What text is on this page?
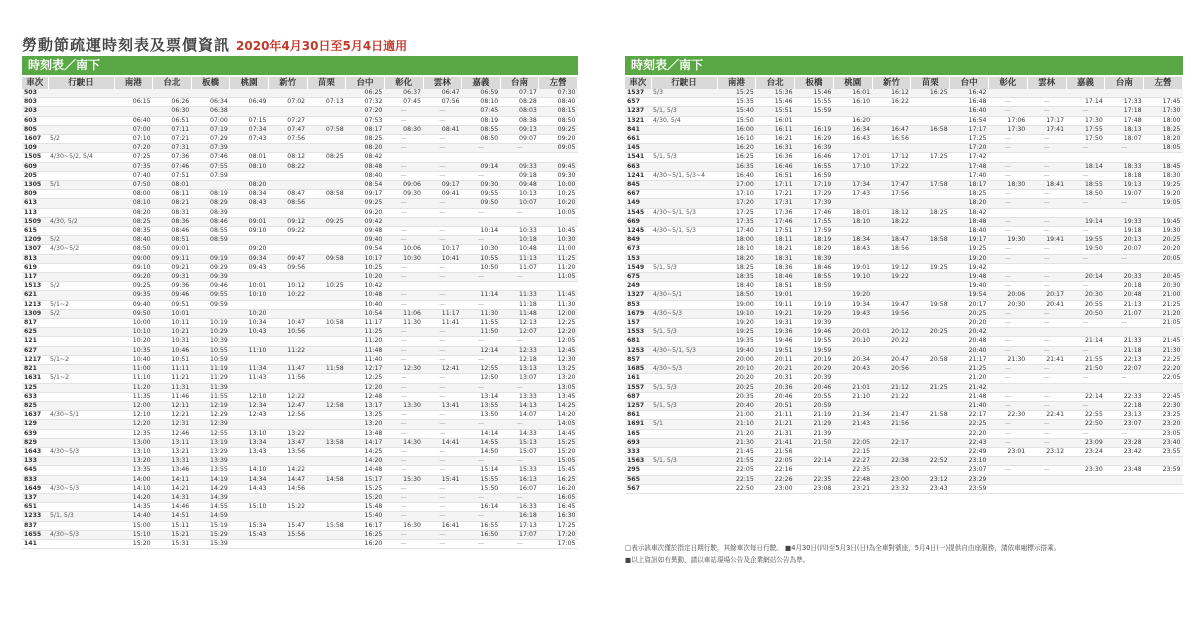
勞動節疏運時刻表及票價資訊 2020年4月30日至5月4日適用
時刻表／南下
車次	行駛日	南港	台北	板橋	桃園	新竹	苗栗	台中	彰化	雲林	嘉義	台南	左營
503								06:25	06:37	06:47	06:59	07:17	07:30
803		06:15	06:26	06:34	06:49	07:02	07:13	07:32	07:45	07:56	08:10	08:28	08:40
203			06:30	06:38				07:20	—	—	07:45	08:03	08:15
603		06:40	06:51	07:00	07:15	07:27		07:53	—	—	08:19	08:38	08:50
805		07:00	07:11	07:19	07:34	07:47	07:58	08:17	08:30	08:41	08:55	09:13	09:25
1607	5/2	07:10	07:21	07:29	07:43	07:56		08:25	—	—	08:50	09:07	09:20
109		07:20	07:31	07:39				08:20	—	—	—	—	09:05
1505	4/30~5/2, 5/4	07:25	07:36	07:46	08:01	08:12	08:25	08:42					
609		07:35	07:46	07:55	08:10	08:22		08:48	—	—	09:14	09:33	09:45
205		07:40	07:51	07:59				08:40	—	—	—	09:18	09:30
1305	5/1	07:50	08:01		08:20			08:54	09:06	09:17	09:30	09:48	10:00
809		08:00	08:11	08:19	08:34	08:47	08:58	09:17	09:30	09:41	09:55	10:13	10:25
613		08:10	08:21	08:29	08:43	08:56		09:25	—	—	09:50	10:07	10:20
113		08:20	08:31	08:39				09:20	—	—	—	—	10:05
1509	4/30, 5/2	08:25	08:36	08:46	09:01	09:12	09:25	09:42					
615		08:35	08:46	08:55	09:10	09:22		09:48	—	—	10:14	10:33	10:45
1209	5/2	08:40	08:51	08:59				09:40	—	—	—	10:18	10:30
1307	4/30~5/2	08:50	09:01		09:20			09:54	10:06	10:17	10:30	10:48	11:00
813		09:00	09:11	09:19	09:34	09:47	09:58	10:17	10:30	10:41	10:55	11:13	11:25
619		09:10	09:21	09:29	09:43	09:56		10:25	—	—	10:50	11:07	11:20
117		09:20	09:31	09:39				10:20	—	—	—	—	11:05
1513	5/2	09:25	09:36	09:46	10:01	10:12	10:25	10:42					
621		09:35	09:46	09:55	10:10	10:22		10:48	—	—	11:14	11:33	11:45
1213	5/1~2	09:40	09:51	09:59				10:40	—	—	—	11:18	11:30
1309	5/2	09:50	10:01		10:20			10:54	11:06	11:17	11:30	11:48	12:00
817		10:00	10:11	10:19	10:34	10:47	10:58	11:17	11:30	11:41	11:55	12:13	12:25
625		10:10	10:21	10:29	10:43	10:56		11:25	—	—	11:50	12:07	12:20
121		10:20	10:31	10:39				11:20	—	—	—	—	12:05
627		10:35	10:46	10:55	11:10	11:22		11:48	—	—	12:14	12:33	12:45
1217	5/1~2	10:40	10:51	10:59				11:40	—	—	—	12:18	12:30
821		11:00	11:11	11:19	11:34	11:47	11:58	12:17	12:30	12:41	12:55	13:13	13:25
1631	5/1~2	11:10	11:21	11:29	11:43	11:56		12:25	—	—	12:50	13:07	13:20
125		11:20	11:31	11:39				12:20	—	—	—	—	13:05
633		11:35	11:46	11:55	12:10	12:22		12:48	—	—	13:14	13:33	13:45
825		12:00	12:11	12:19	12:34	12:47	12:58	13:17	13:30	13:41	13:55	14:13	14:25
1637	4/30~5/1	12:10	12:21	12:29	12:43	12:56		13:25	—	—	13:50	14:07	14:20
129		12:20	12:31	12:39				13:20	—	—	—	—	14:05
639		12:35	12:46	12:55	13:10	13:22		13:48	—	—	14:14	14:33	14:45
829		13:00	13:11	13:19	13:34	13:47	13:58	14:17	14:30	14:41	14:55	15:13	15:25
1643	4/30~5/3	13:10	13:21	13:29	13:43	13:56		14:25	—	—	14:50	15:07	15:20
133		13:20	13:31	13:39				14:20	—	—	—	—	15:05
645		13:35	13:46	13:55	14:10	14:22		14:48	—	—	15:14	15:33	15:45
833		14:00	14:11	14:19	14:34	14:47	14:58	15:17	15:30	15:41	15:55	16:13	16:25
1649	4/30~5/3	14:10	14:21	14:29	14:43	14:56		15:25	—	—	15:50	16:07	16:20
137		14:20	14:31	14:39				15:20	—	—	—	—	16:05
651		14:35	14:46	14:55	15:10	15:22		15:48	—	—	16:14	16:33	16:45
1233	5/1, 5/3	14:40	14:51	14:59				15:40	—	—	—	16:18	16:30
837		15:00	15:11	15:19	15:34	15:47	15:58	16:17	16:30	16:41	16:55	17:13	17:25
1655	4/30~5/3	15:10	15:21	15:29	15:43	15:56		16:25	—	—	16:50	17:07	17:20
141		15:20	15:31	15:39				16:20	—	—	—	—	17:05
時刻表／南下
車次	行駛日	南港	台北	板橋	桃園	新竹	苗栗	台中	彰化	雲林	嘉義	台南	左營
1537	5/3	15:25	15:36	15:46	16:01	16:12	16:25	16:42					
657		15:35	15:46	15:55	16:10	16:22		16:48	—	—	17:14	17:33	17:45
1237	5/1, 5/3	15:40	15:51	15:59				16:40	—	—	—	17:18	17:30
1321	4/30, 5/4	15:50	16:01		16:20			16:54	17:06	17:17	17:30	17:48	18:00
841		16:00	16:11	16:19	16:34	16:47	16:58	17:17	17:30	17:41	17:55	18:13	18:25
661		16:10	16:21	16:29	16:43	16:56		17:25	—	—	17:50	18:07	18:20
145		16:20	16:31	16:39				17:20	—	—	—	—	18:05
1541	5/1, 5/3	16:25	16:36	16:46	17:01	17:12	17:25	17:42					
663		16:35	16:46	16:55	17:10	17:22		17:48	—	—	18:14	18:33	18:45
1241	4/30~5/1, 5/3~4	16:40	16:51	16:59				17:40	—	—	—	18:18	18:30
845		17:00	17:11	17:19	17:34	17:47	17:58	18:17	18:30	18:41	18:55	19:13	19:25
667		17:10	17:21	17:29	17:43	17:56		18:25	—	—	18:50	19:07	19:20
149		17:20	17:31	17:39				18:20	—	—	—	—	19:05
1545	4/30~5/1, 5/3	17:25	17:36	17:46	18:01	18:12	18:25	18:42					
669		17:35	17:46	17:55	18:10	18:22		18:48	—	—	19:14	19:33	19:45
1245	4/30~5/1, 5/3	17:40	17:51	17:59				18:40	—	—	—	19:18	19:30
849		18:00	18:11	18:19	18:34	18:47	18:58	19:17	19:30	19:41	19:55	20:13	20:25
673		18:10	18:21	18:29	18:43	18:56		19:25	—	—	19:50	20:07	20:20
153		18:20	18:31	18:39				19:20	—	—	—	—	20:05
1549	5/1, 5/3	18:25	18:36	18:46	19:01	19:12	19:25	19:42					
675		18:35	18:46	18:55	19:10	19:22		19:48	—	—	20:14	20:33	20:45
249		18:40	18:51	18:59				19:40	—	—	—	20:18	20:30
1327	4/30~5/1	18:50	19:01		19:20			19:54	20:06	20:17	20:30	20:48	21:00
853		19:00	19:11	19:19	19:34	19:47	19:58	20:17	20:30	20:41	20:55	21:13	21:25
1679	4/30~5/3	19:10	19:21	19:29	19:43	19:56		20:25	—	—	20:50	21:07	21:20
157		19:20	19:31	19:39				20:20	—	—	—	—	21:05
1553	5/1, 5/3	19:25	19:36	19:46	20:01	20:12	20:25	20:42					
681		19:35	19:46	19:55	20:10	20:22		20:48	—	—	21:14	21:33	21:45
1253	4/30~5/1, 5/3	19:40	19:51	19:59				20:40	—	—	—	21:18	21:30
857		20:00	20:11	20:19	20:34	20:47	20:58	21:17	21:30	21:41	21:55	22:13	22:25
1685	4/30~5/3	20:10	20:21	20:29	20:43	20:56		21:25	—	—	21:50	22:07	22:20
161		20:20	20:31	20:39				21:20	—	—	—	—	22:05
1557	5/1, 5/3	20:25	20:36	20:46	21:01	21:12	21:25	21:42					
687		20:35	20:46	20:55	21:10	21:22		21:48	—	—	22:14	22:33	22:45
1257	5/1, 5/3	20:40	20:51	20:59				21:40	—	—	—	22:18	22:30
861		21:00	21:11	21:19	21:34	21:47	21:58	22:17	22:30	22:41	22:55	23:13	23:25
1691	5/1	21:10	21:21	21:29	21:43	21:56		22:25	—	—	22:50	23:07	23:20
165		21:20	21:31	21:39				22:20	—	—	—	—	23:05
693		21:30	21:41	21:50	22:05	22:17		22:43	—	—	23:09	23:28	23:40
333		21:45	21:56		22:15			22:49	23:01	23:12	23:24	23:42	23:55
1563	5/1, 5/3	21:55	22:05	22:14	22:27	22:38	22:52	23:10					
295		22:05	22:16		22:35			23:07	—	—	23:30	23:48	23:59
565		22:15	22:26	22:35	22:48	23:00	23:12	23:29					
567		22:50	23:00	23:08	23:21	23:32	23:43	23:59					
□表示該車次僅於指定日期行駛，其餘車次每日行駛。 ■4月30日(四)至5月3日(日)為全車對號座，5月4日(一)提供自由座服務，請依車廂標示搭乘。
■以上資訊如有異動，請以車站現場公告及企業網站公告為準。
